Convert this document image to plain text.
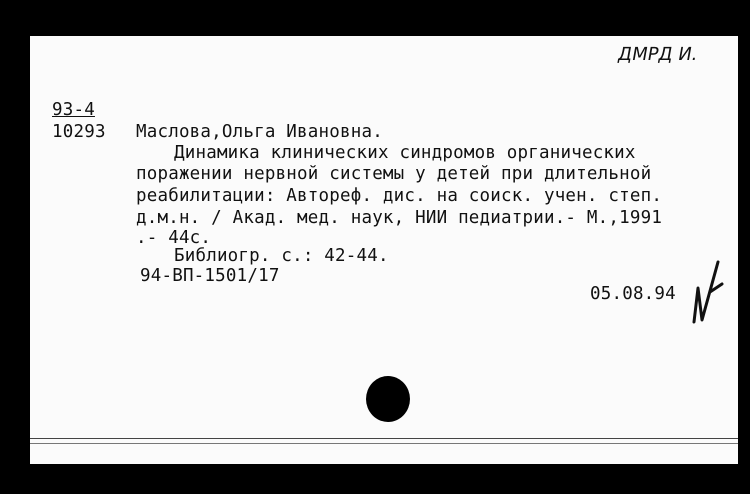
ДМРД И.
93-4
10293 Маслова,Ольга Ивановна.
Динамика клинических синдромов органических
поражении нервной системы у детей при длительной
реабилитации: Автореф. дис. на соиск. учен. степ.
д.м.н. / Акад. мед. наук, НИИ педиатрии.- М.,1991
.- 44с.
Библиогр. с.: 42-44.
94-ВП-1501/17
05.08.94
